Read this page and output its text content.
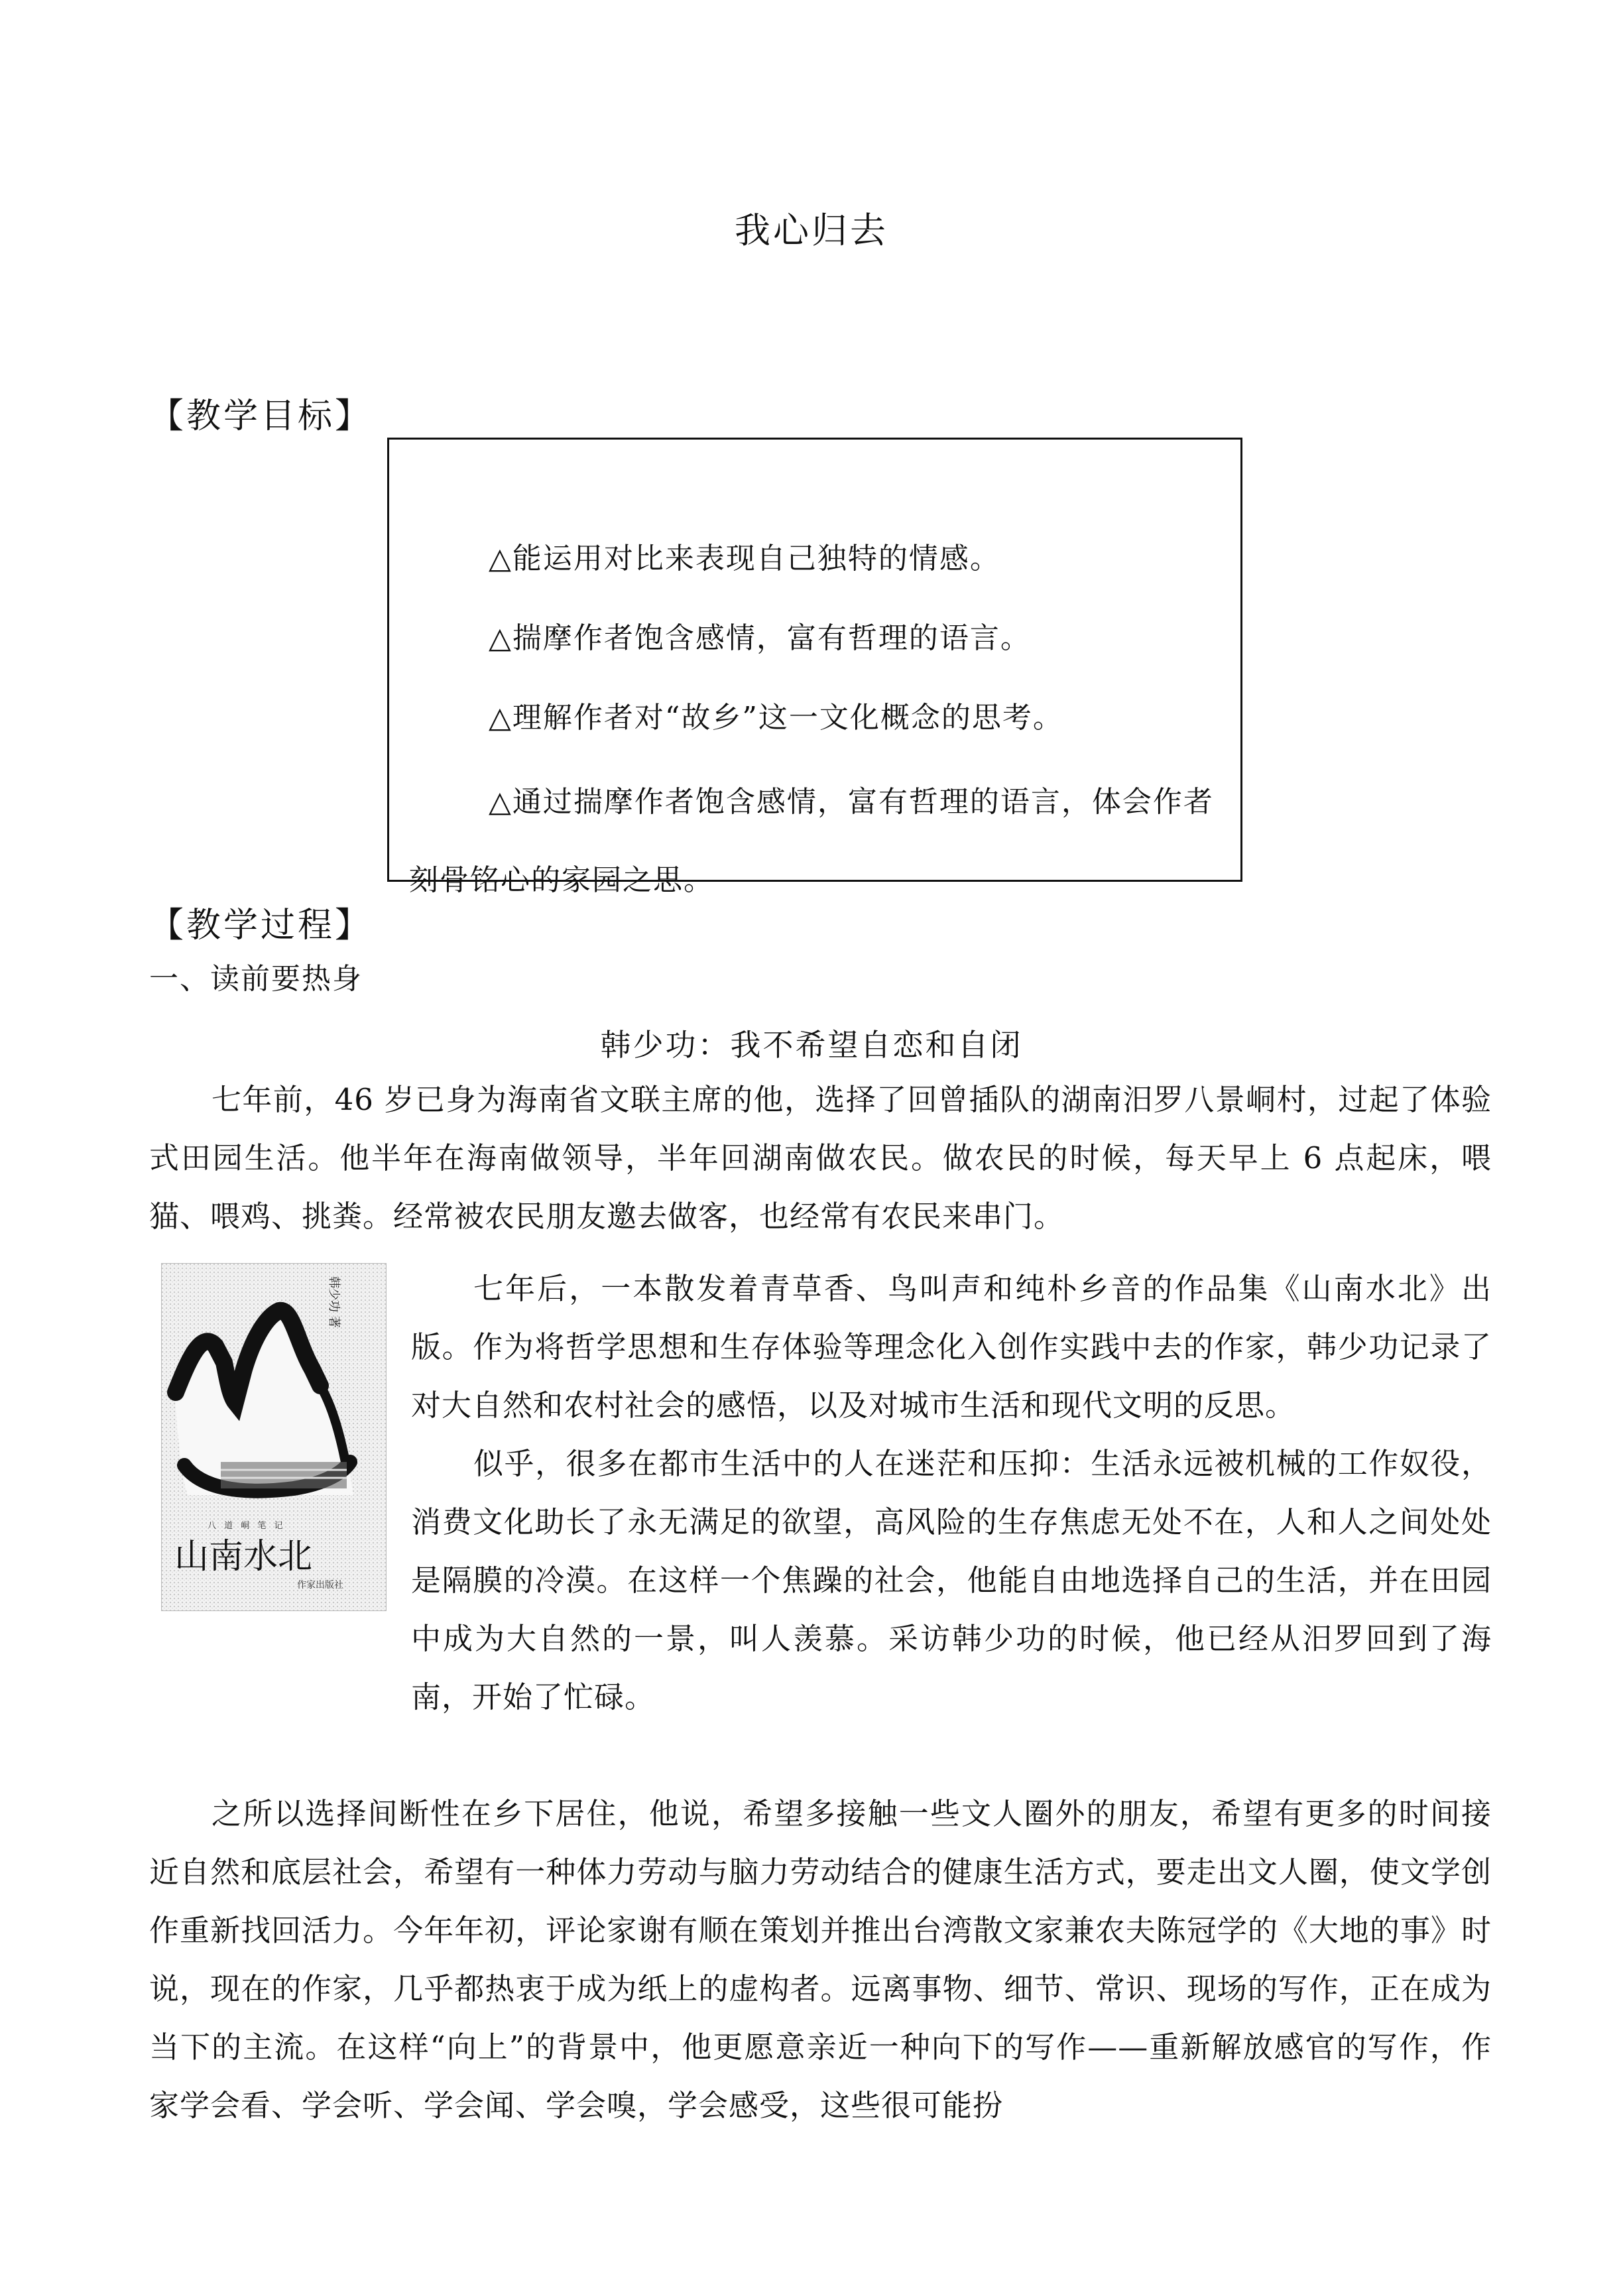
我心归去
【教学目标】
△能运用对比来表现自己独特的情感。
△揣摩作者饱含感情，富有哲理的语言。
△理解作者对“故乡”这一文化概念的思考。
△通过揣摩作者饱含感情，富有哲理的语言，体会作者刻骨铭心的家园之思。
【教学过程】
一、读前要热身
韩少功：我不希望自恋和自闭
七年前，46 岁已身为海南省文联主席的他，选择了回曾插队的湖南汨罗八景峒村，过起了体验式田园生活。他半年在海南做领导，半年回湖南做农民。做农民的时候，每天早上 6 点起床，喂猫、喂鸡、挑粪。经常被农民朋友邀去做客，也经常有农民来串门。
韩少功 著
八 道 峒 笔 记
山南水北
作家出版社
七年后，一本散发着青草香、鸟叫声和纯朴乡音的作品集《山南水北》出版。作为将哲学思想和生存体验等理念化入创作实践中去的作家，韩少功记录了对大自然和农村社会的感悟，以及对城市生活和现代文明的反思。
似乎，很多在都市生活中的人在迷茫和压抑：生活永远被机械的工作奴役，消费文化助长了永无满足的欲望，高风险的生存焦虑无处不在，人和人之间处处是隔膜的冷漠。在这样一个焦躁的社会，他能自由地选择自己的生活，并在田园中成为大自然的一景，叫人羡慕。采访韩少功的时候，他已经从汨罗回到了海南，开始了忙碌。
之所以选择间断性在乡下居住，他说，希望多接触一些文人圈外的朋友，希望有更多的时间接近自然和底层社会，希望有一种体力劳动与脑力劳动结合的健康生活方式，要走出文人圈，使文学创作重新找回活力。今年年初，评论家谢有顺在策划并推出台湾散文家兼农夫陈冠学的《大地的事》时说，现在的作家，几乎都热衷于成为纸上的虚构者。远离事物、细节、常识、现场的写作，正在成为当下的主流。在这样“向上”的背景中，他更愿意亲近一种向下的写作——重新解放感官的写作，作家学会看、学会听、学会闻、学会嗅，学会感受，这些很可能扮
